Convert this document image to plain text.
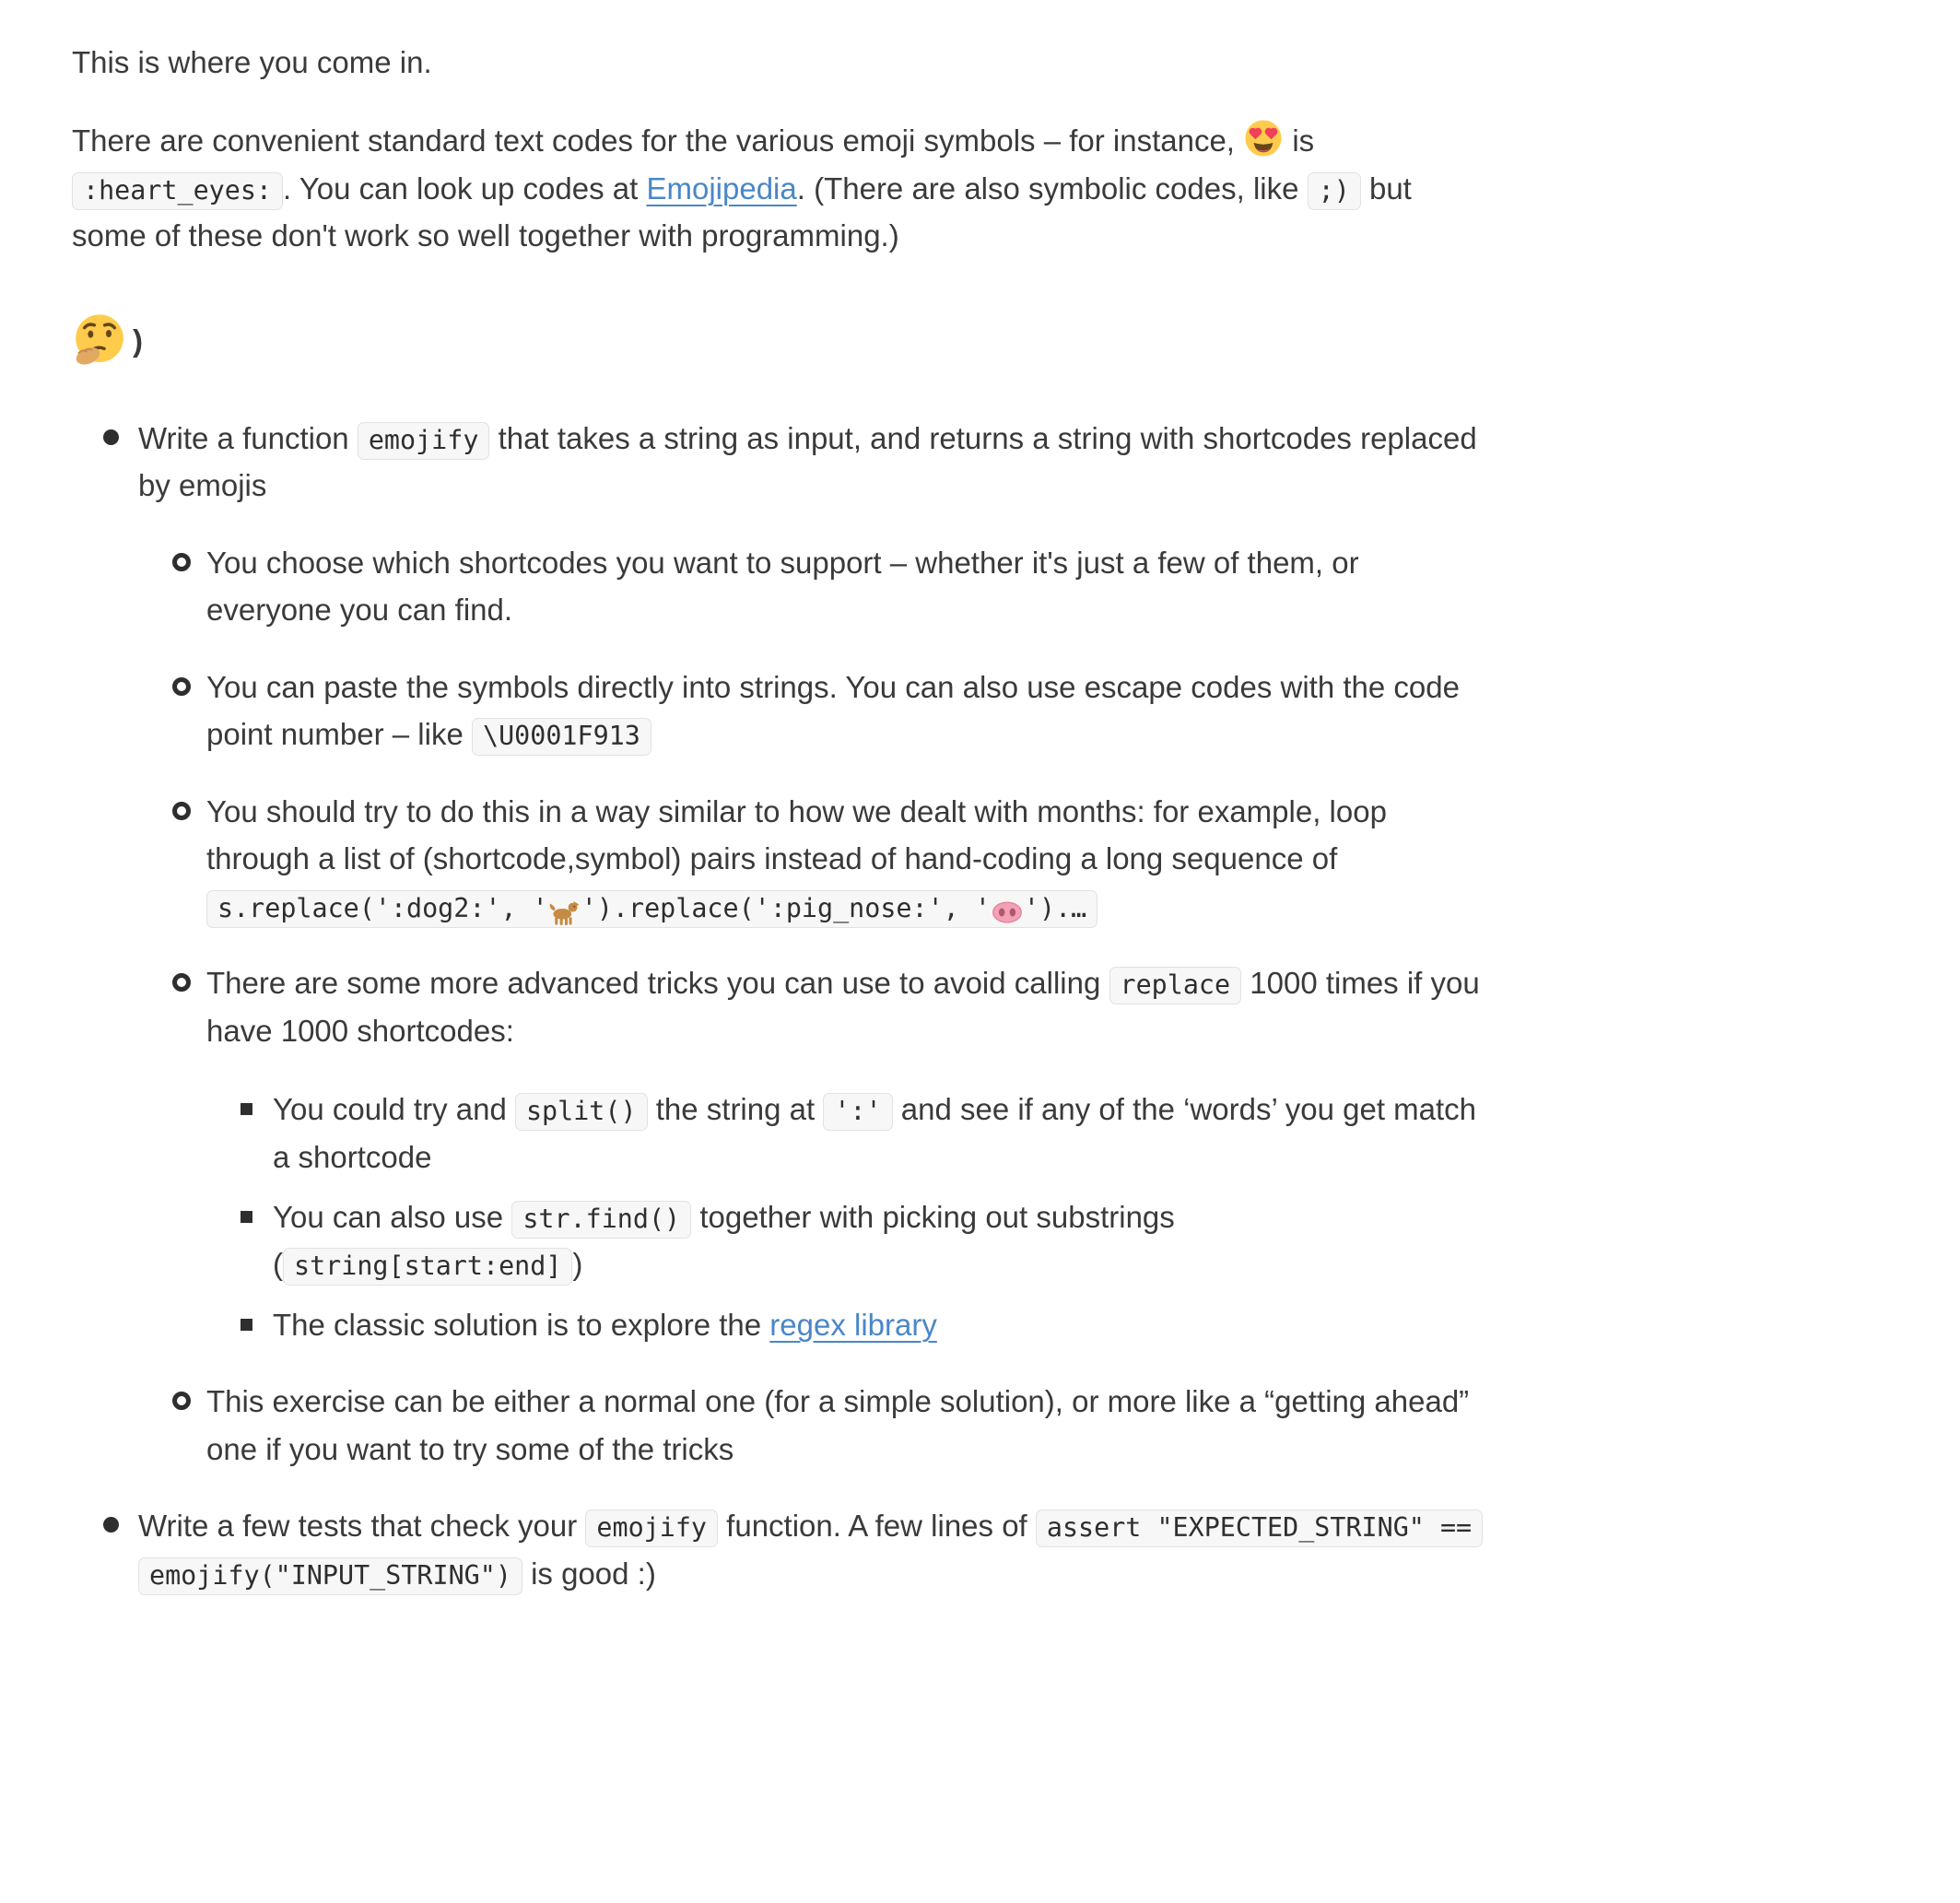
This is where you come in.

There are convenient standard text codes for the various emoji symbols – for instance,  is :heart_eyes: . You can look up codes at Emojipedia. (There are also symbolic codes, like ;) but some of these don't work so well together with programming.)

)

Write a function emojify that takes a string as input, and returns a string with shortcodes replaced by emojis
You choose which shortcodes you want to support – whether it's just a few of them, or everyone you can find.
You can paste the symbols directly into strings. You can also use escape codes with the code point number – like \U0001F913
You should try to do this in a way similar to how we dealt with months: for example, loop through a list of (shortcode,symbol) pairs instead of hand-coding a long sequence of s.replace(':dog2:', ' ').replace(':pig_nose:', ' ').…
There are some more advanced tricks you can use to avoid calling replace 1000 times if you have 1000 shortcodes:
You could try and split() the string at ':' and see if any of the ‘words’ you get match a shortcode
You can also use str.find() together with picking out substrings ( string[start:end] )
The classic solution is to explore the regex library
This exercise can be either a normal one (for a simple solution), or more like a “getting ahead” one if you want to try some of the tricks
Write a few tests that check your emojify function. A few lines of assert "EXPECTED_STRING" == emojify("INPUT_STRING") is good :)
